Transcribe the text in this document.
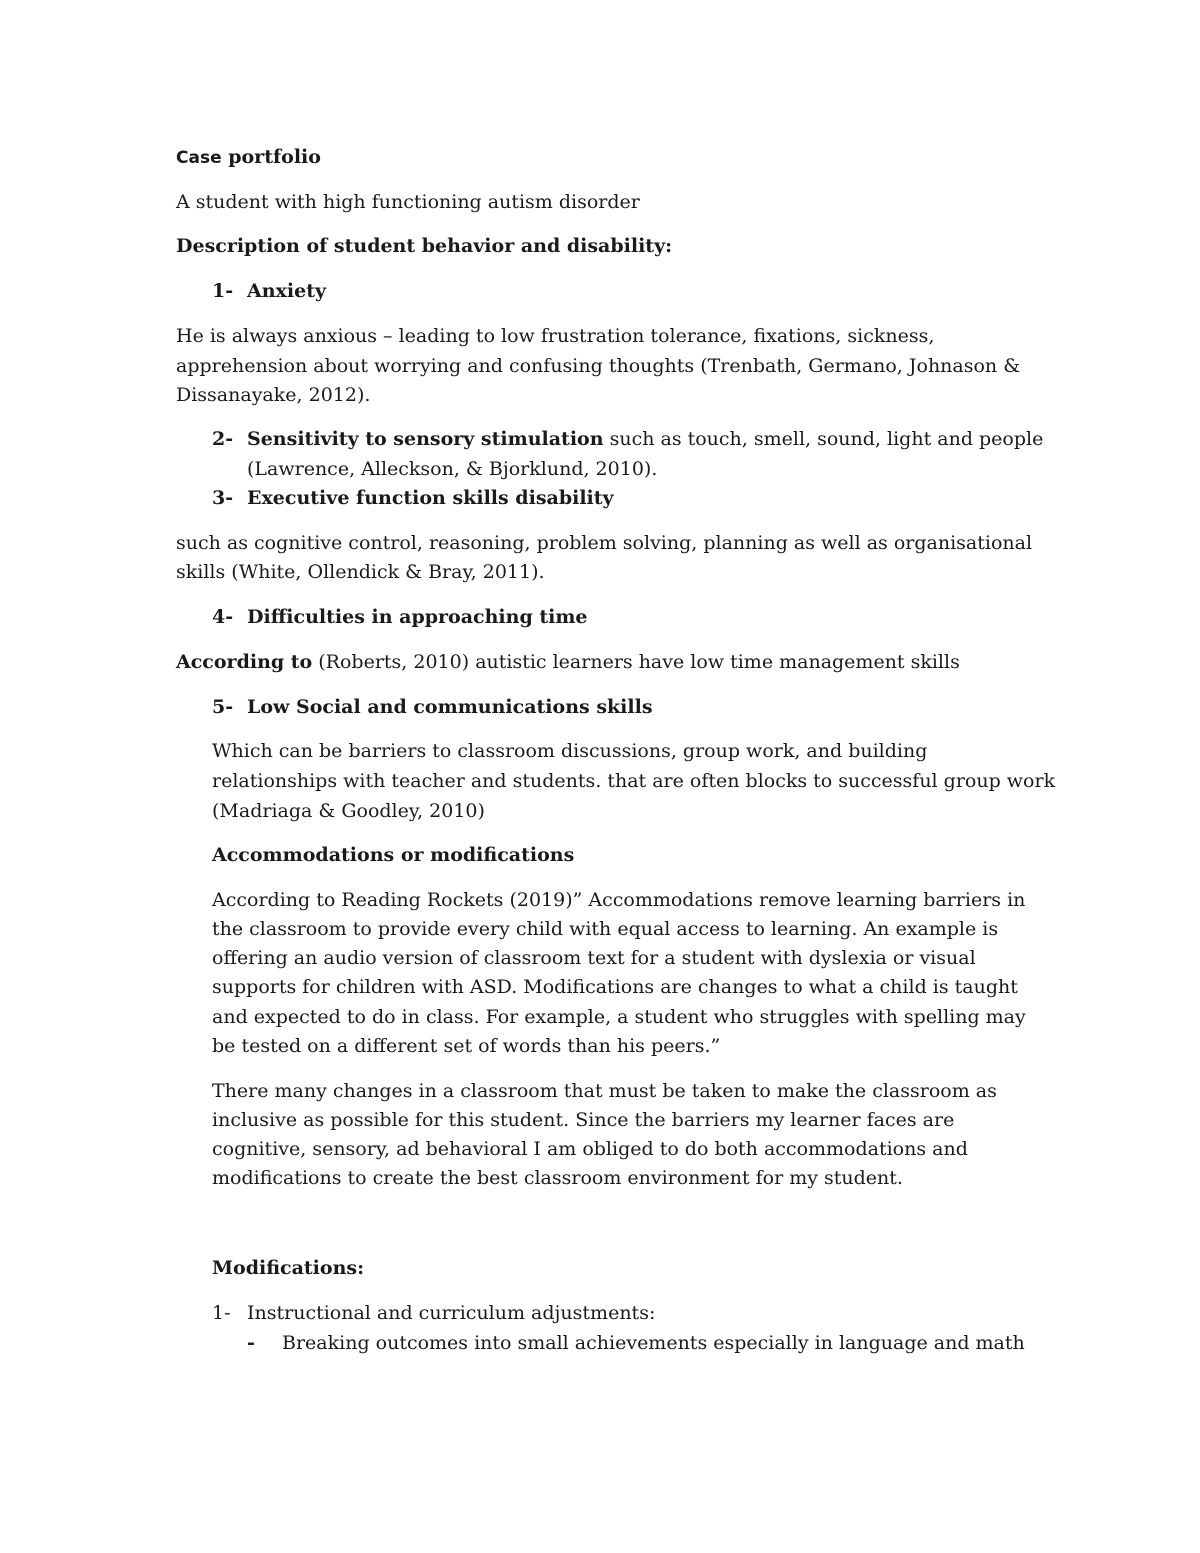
Case portfolio
A student with high functioning autism disorder
Description of student behavior and disability:
1- Anxiety
He is always anxious – leading to low frustration tolerance, fixations, sickness,
apprehension about worrying and confusing thoughts (Trenbath, Germano, Johnason &
Dissanayake, 2012).
2- Sensitivity to sensory stimulation such as touch, smell, sound, light and people
(Lawrence, Alleckson, & Bjorklund, 2010).
3- Executive function skills disability
such as cognitive control, reasoning, problem solving, planning as well as organisational
skills (White, Ollendick & Bray, 2011).
4- Difficulties in approaching time
According to (Roberts, 2010) autistic learners have low time management skills
5- Low Social and communications skills
Which can be barriers to classroom discussions, group work, and building
relationships with teacher and students. that are often blocks to successful group work
(Madriaga & Goodley, 2010)
Accommodations or modifications
According to Reading Rockets (2019)” Accommodations remove learning barriers in
the classroom to provide every child with equal access to learning. An example is
offering an audio version of classroom text for a student with dyslexia or visual
supports for children with ASD. Modifications are changes to what a child is taught
and expected to do in class. For example, a student who struggles with spelling may
be tested on a different set of words than his peers.”
There many changes in a classroom that must be taken to make the classroom as
inclusive as possible for this student. Since the barriers my learner faces are
cognitive, sensory, ad behavioral I am obliged to do both accommodations and
modifications to create the best classroom environment for my student.
Modifications:
1- Instructional and curriculum adjustments:
- Breaking outcomes into small achievements especially in language and math
